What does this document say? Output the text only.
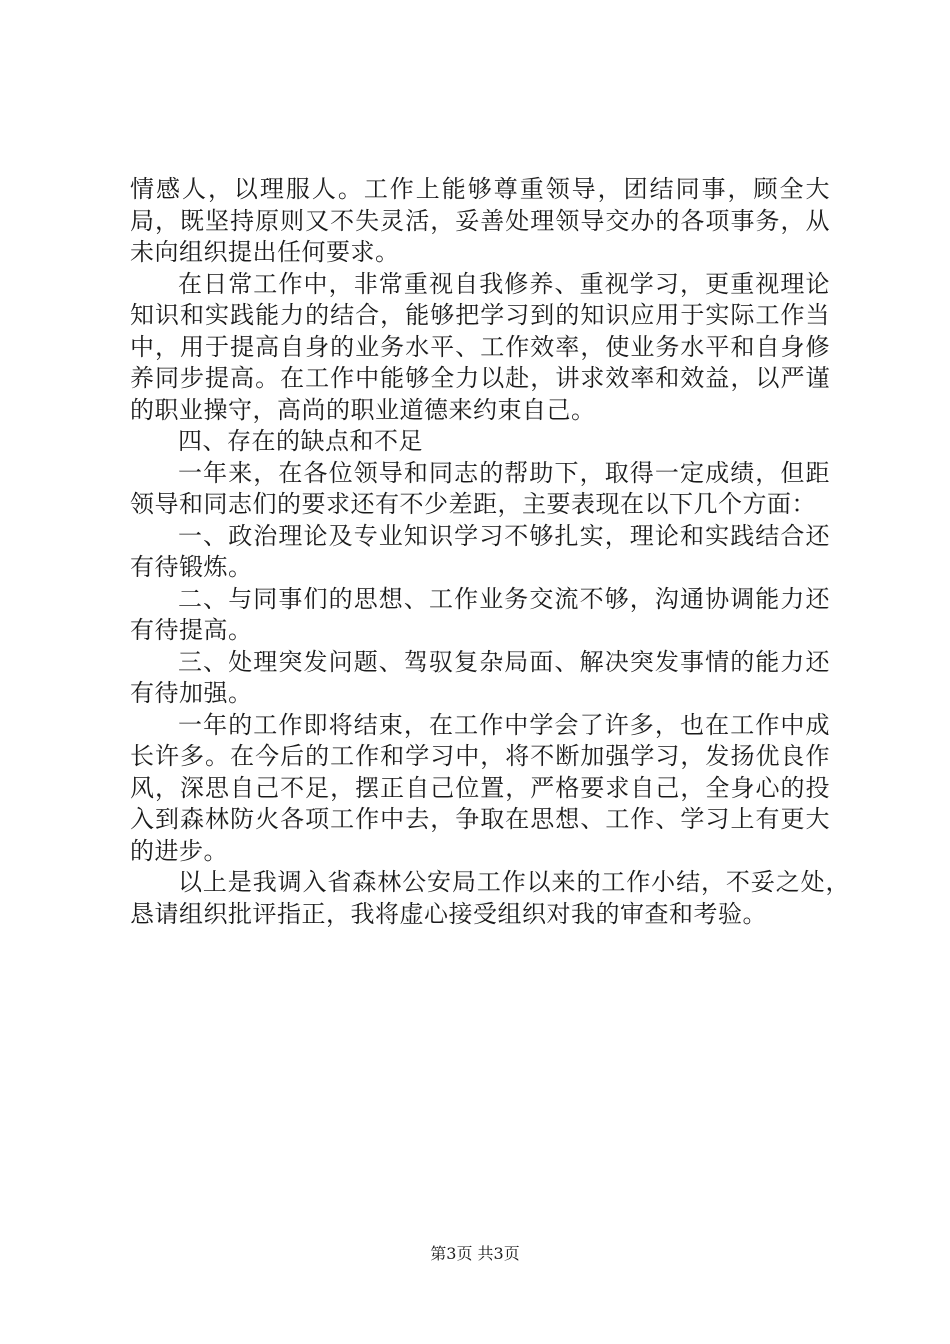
情感人，以理服人。工作上能够尊重领导，团结同事，顾全大局，既坚持原则又不失灵活，妥善处理领导交办的各项事务，从未向组织提出任何要求。

在日常工作中，非常重视自我修养、重视学习，更重视理论知识和实践能力的结合，能够把学习到的知识应用于实际工作当中，用于提高自身的业务水平、工作效率，使业务水平和自身修养同步提高。在工作中能够全力以赴，讲求效率和效益，以严谨的职业操守，高尚的职业道德来约束自己。

四、存在的缺点和不足

一年来，在各位领导和同志的帮助下，取得一定成绩，但距领导和同志们的要求还有不少差距，主要表现在以下几个方面：

一、政治理论及专业知识学习不够扎实，理论和实践结合还有待锻炼。

二、与同事们的思想、工作业务交流不够，沟通协调能力还有待提高。

三、处理突发问题、驾驭复杂局面、解决突发事情的能力还有待加强。

一年的工作即将结束，在工作中学会了许多，也在工作中成长许多。在今后的工作和学习中，将不断加强学习，发扬优良作风，深思自己不足，摆正自己位置，严格要求自己，全身心的投入到森林防火各项工作中去，争取在思想、工作、学习上有更大的进步。

以上是我调入省森林公安局工作以来的工作小结，不妥之处，恳请组织批评指正，我将虚心接受组织对我的审查和考验。

第3页 共3页
